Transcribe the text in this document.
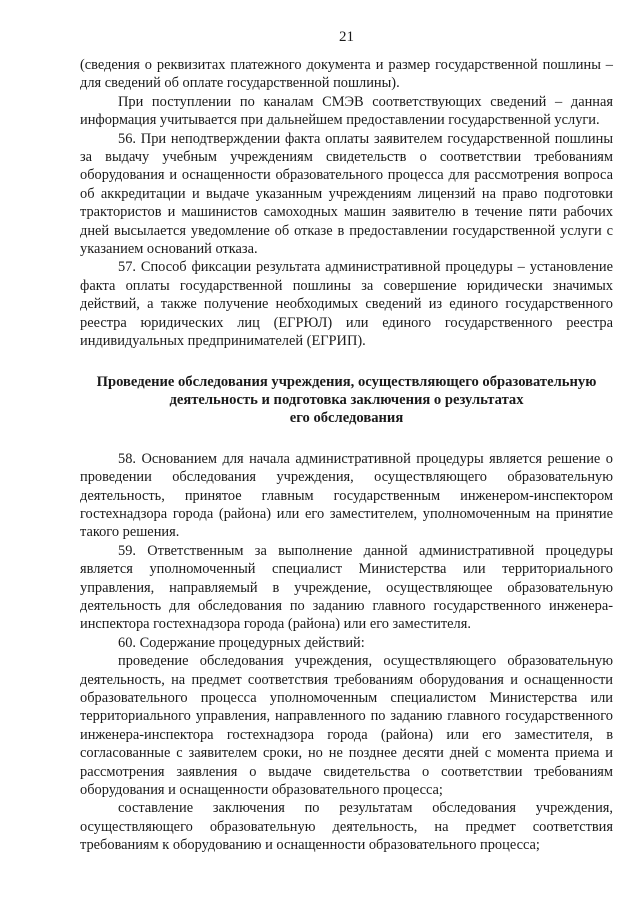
21

(сведения о реквизитах платежного документа и размер государственной пошлины – для сведений об оплате государственной пошлины).

При поступлении по каналам СМЭВ соответствующих сведений – данная информация учитывается при дальнейшем предоставлении государственной услуги.

56. При неподтверждении факта оплаты заявителем государственной пошлины за выдачу учебным учреждениям свидетельств о соответствии требованиям оборудования и оснащенности образовательного процесса для рассмотрения вопроса об аккредитации и выдаче указанным учреждениям лицензий на право подготовки трактористов и машинистов самоходных машин заявителю в течение пяти рабочих дней высылается уведомление об отказе в предоставлении государственной услуги с указанием оснований отказа.

57. Способ фиксации результата административной процедуры – установление факта оплаты государственной пошлины за совершение юридически значимых действий, а также получение необходимых сведений из единого государственного реестра юридических лиц (ЕГРЮЛ) или единого государственного реестра индивидуальных предпринимателей (ЕГРИП).

Проведение обследования учреждения, осуществляющего образовательную
деятельность и подготовка заключения о результатах
его обследования

58. Основанием для начала административной процедуры является решение о проведении обследования учреждения, осуществляющего образовательную деятельность, принятое главным государственным инженером-инспектором гостехнадзора города (района) или его заместителем, уполномоченным на принятие такого решения.

59. Ответственным за выполнение данной административной процедуры является уполномоченный специалист Министерства или территориального управления, направляемый в учреждение, осуществляющее образовательную деятельность для обследования по заданию главного государственного инженера-инспектора гостехнадзора города (района) или его заместителя.

60. Содержание процедурных действий:

проведение обследования учреждения, осуществляющего образовательную деятельность, на предмет соответствия требованиям оборудования и оснащенности образовательного процесса уполномоченным специалистом Министерства или территориального управления, направленного по заданию главного государственного инженера-инспектора гостехнадзора города (района) или его заместителя, в согласованные с заявителем сроки, но не позднее десяти дней с момента приема и рассмотрения заявления о выдаче свидетельства о соответствии требованиям оборудования и оснащенности образовательного процесса;

составление заключения по результатам обследования учреждения, осуществляющего образовательную деятельность, на предмет соответствия требованиям к оборудованию и оснащенности образовательного процесса;
